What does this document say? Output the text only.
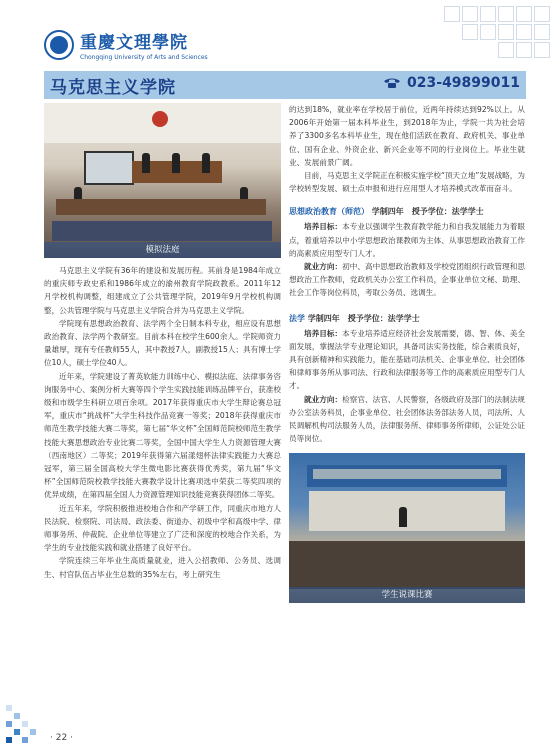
重慶文理學院
Chongqing University of Arts and Sciences
马克思主义学院	023-49899011
模拟法庭

马克思主义学院有36年的建设和发展历程。其前身是1984年成立的重庆师专政史系和1986年成立的渝州教育学院政教系。2011年12月学校机构调整，组建成立了公共管理学院，2019年9月学校机构调整，公共管理学院与马克思主义学院合并为马克思主义学院。

学院现有思想政治教育、法学两个全日制本科专业，相应设有思想政治教育、法学两个教研室。目前本科在校学生600余人。学院师资力量雄厚，现有专任教师55人，其中教授7人，副教授15人；具有博士学位10人，硕士学位40人。

近年来，学院建设了菁英软能力训练中心、模拟法庭、法律事务咨询服务中心、案例分析大赛等四个学生实践技能训练品牌平台，获准校级和市级学生科研立项百余项。2017年获得重庆市大学生辩论赛总冠军，重庆市“挑战杯”大学生科技作品竞赛一等奖；2018年获得重庆市师范生教学技能大赛二等奖，第七届“华文杯”全国师范院校师范生教学技能大赛思想政治专业比赛二等奖，全国中国大学生人力资源管理大赛（西南地区）二等奖；2019年获得第六届漾翅杯法律实践能力大赛总冠军，第三届全国高校大学生微电影比赛获得优秀奖，第九届“华文杯”全国师范院校教学技能大赛教学设计比赛项选中荣获二等奖四项的优异成绩，在第四届全国人力资源管理知识技能竞赛获得团体二等奖。

近五年来，学院积极推进校地合作和产学研工作，同重庆市地方人民法院、检察院、司法局、政法委、街道办、初级中学和高级中学、律师事务所、仲裁院、企业单位等建立了广泛和深度的校地合作关系，为学生的专业技能实践和就业搭建了良好平台。

学院连续三年毕业生高质量就业，进入公招教师、公务员、选调生、村官队伍占毕业生总数的35%左右，考上研究生

的达到18%，就业率在学校居于前位，近两年持续达到92%以上。从2006年开始第一届本科毕业生，到2018年为止，学院一共为社会培养了3300多名本科毕业生，现在他们活跃在教育、政府机关、事业单位、国有企业、外资企业、新兴企业等不同的行业岗位上。毕业生就业、发展前景广阔。

目前，马克思主义学院正在积极实施学校“顶天立地”发展战略，为学校转型发展、硕士点申报和进行应用型人才培养模式改革而奋斗。

思想政治教育（师范） 学制四年　授予学位：法学学士

培养目标：本专业以强调学生教育教学能力和自我发展能力为着眼点，着重培养以中小学思想政治课教师为主体、从事思想政治教育工作的高素质应用型专门人才。

就业方向：初中、高中思想政治教师及学校党团组织行政管理和思想政治工作教师，党政机关办公室工作科员，企事业单位文秘、助理、社会工作等岗位科员，考取公务员、选调生。

法学 学制四年　授予学位：法学学士

培养目标：本专业培养适应经济社会发展需要，德、智、体、美全面发展，掌握法学专业理论知识，具备司法实务技能，综合素质良好，具有创新精神和实践能力，能在基础司法机关、企事业单位、社会团体和律师事务所从事司法、行政和法律服务等工作的高素质应用型专门人才。

就业方向：检察官、法官、人民警察，各级政府及部门的法制法规办公室法务科员，企事业单位、社会团体法务部法务人员，司法所、人民调解机构司法服务人员，法律服务所、律师事务所律师，公证处公证员等岗位。

学生说课比赛
· 22 ·
